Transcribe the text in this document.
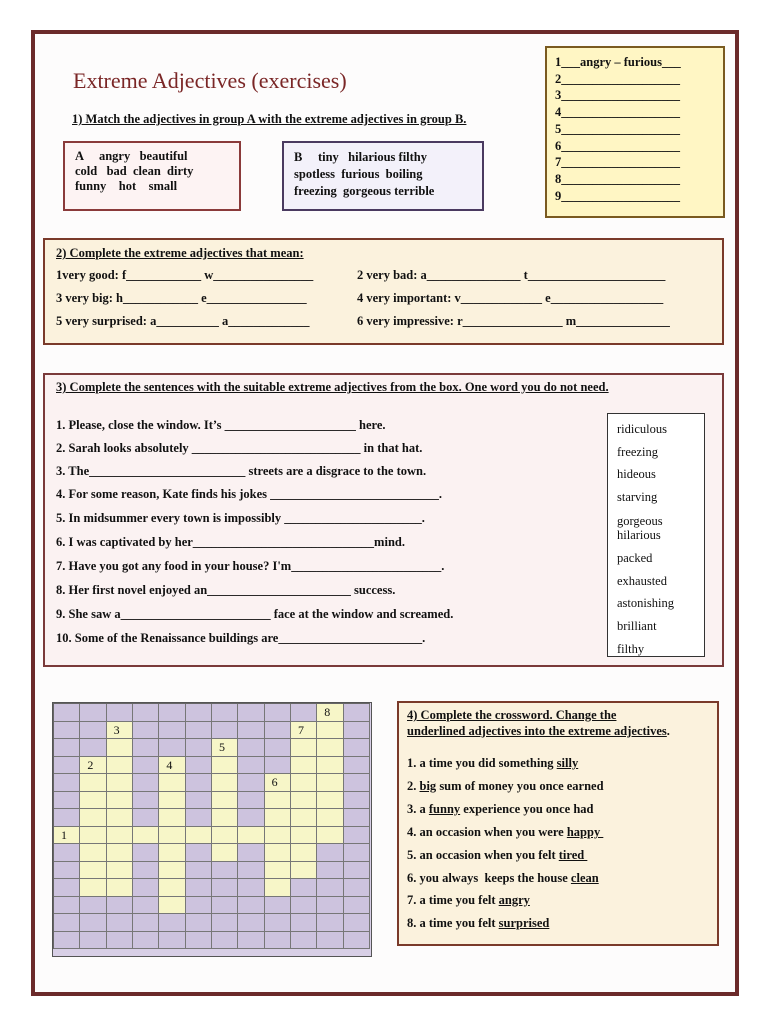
Extreme Adjectives (exercises)
1) Match the adjectives in group A with the extreme adjectives in group B.
A     angry   beautiful
cold   bad  clean  dirty
funny    hot    small
B     tiny   hilarious filthy
spotless  furious  boiling
freezing  gorgeous terrible
1___angry – furious___
2___________________
3___________________
4___________________
5___________________
6___________________
7___________________
8___________________
9___________________
2) Complete the extreme adjectives that mean:
1very good: f____________ w________________	2 very bad: a_______________ t______________________
3 very big: h____________ e________________	4 very important: v_____________ e__________________
5 very surprised: a__________ a_____________	6 very impressive: r________________ m_______________
3) Complete the sentences with the suitable extreme adjectives from the box. One word you do not need.
1. Please, close the window. It’s _____________________ here.
2. Sarah looks absolutely ___________________________ in that hat.
3. The_________________________ streets are a disgrace to the town.
4. For some reason, Kate finds his jokes ___________________________.
5. In midsummer every town is impossibly ______________________.
6. I was captivated by her_____________________________mind.
7. Have you got any food in your house? I'm________________________.
8. Her first novel enjoyed an_______________________ success.
9. She saw a________________________ face at the window and screamed.
10. Some of the Renaissance buildings are_______________________.
ridiculous
freezing
hideous
starving
gorgeous
hilarious
packed
exhausted
astonishing
brilliant
filthy
8
3	7
5
2	4
6
1
4) Complete the crossword. Change the
underlined adjectives into the extreme adjectives.
1. a time you did something silly
2. big sum of money you once earned
3. a funny experience you once had
4. an occasion when you were happy
5. an occasion when you felt tired
6. you always  keeps the house clean
7. a time you felt angry
8. a time you felt surprised
